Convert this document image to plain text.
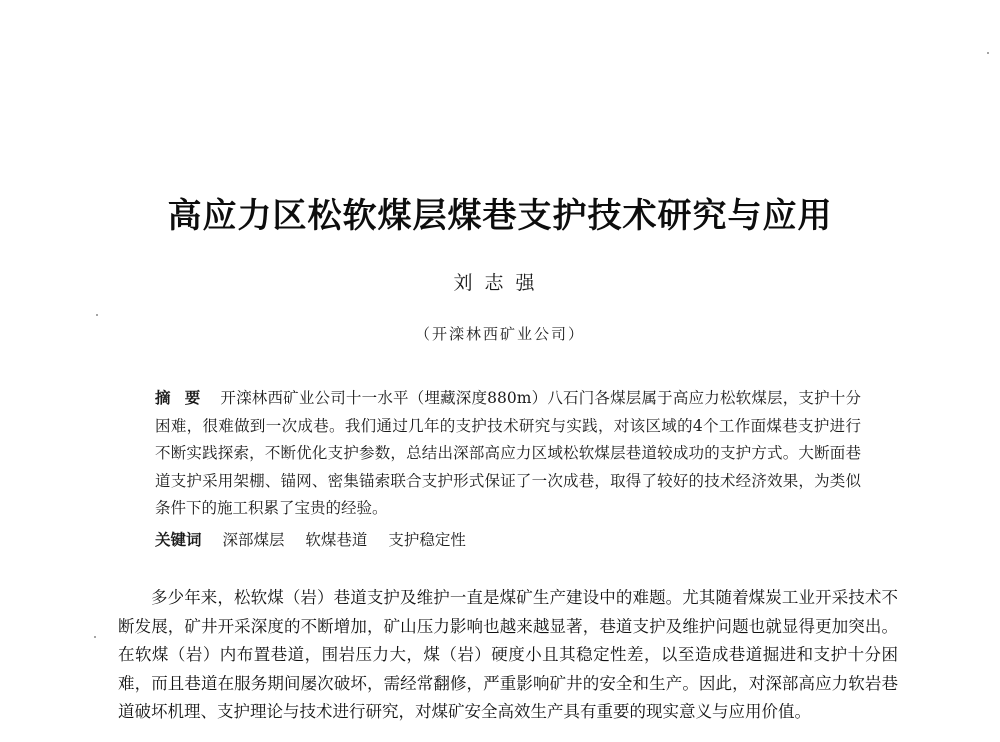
高应力区松软煤层煤巷支护技术研究与应用
刘志强
（开滦林西矿业公司）
摘要 开滦林西矿业公司十一水平（埋藏深度880m）八石门各煤层属于高应力松软煤层，支护十分困难，很难做到一次成巷。我们通过几年的支护技术研究与实践，对该区域的4个工作面煤巷支护进行不断实践探索，不断优化支护参数，总结出深部高应力区域松软煤层巷道较成功的支护方式。大断面巷道支护采用架棚、锚网、密集锚索联合支护形式保证了一次成巷，取得了较好的技术经济效果，为类似条件下的施工积累了宝贵的经验。
关键词 深部煤层 软煤巷道 支护稳定性
多少年来，松软煤（岩）巷道支护及维护一直是煤矿生产建设中的难题。尤其随着煤炭工业开采技术不断发展，矿井开采深度的不断增加，矿山压力影响也越来越显著，巷道支护及维护问题也就显得更加突出。在软煤（岩）内布置巷道，围岩压力大，煤（岩）硬度小且其稳定性差，以至造成巷道掘进和支护十分困难，而且巷道在服务期间屡次破坏，需经常翻修，严重影响矿井的安全和生产。因此，对深部高应力软岩巷道破坏机理、支护理论与技术进行研究，对煤矿安全高效生产具有重要的现实意义与应用价值。
